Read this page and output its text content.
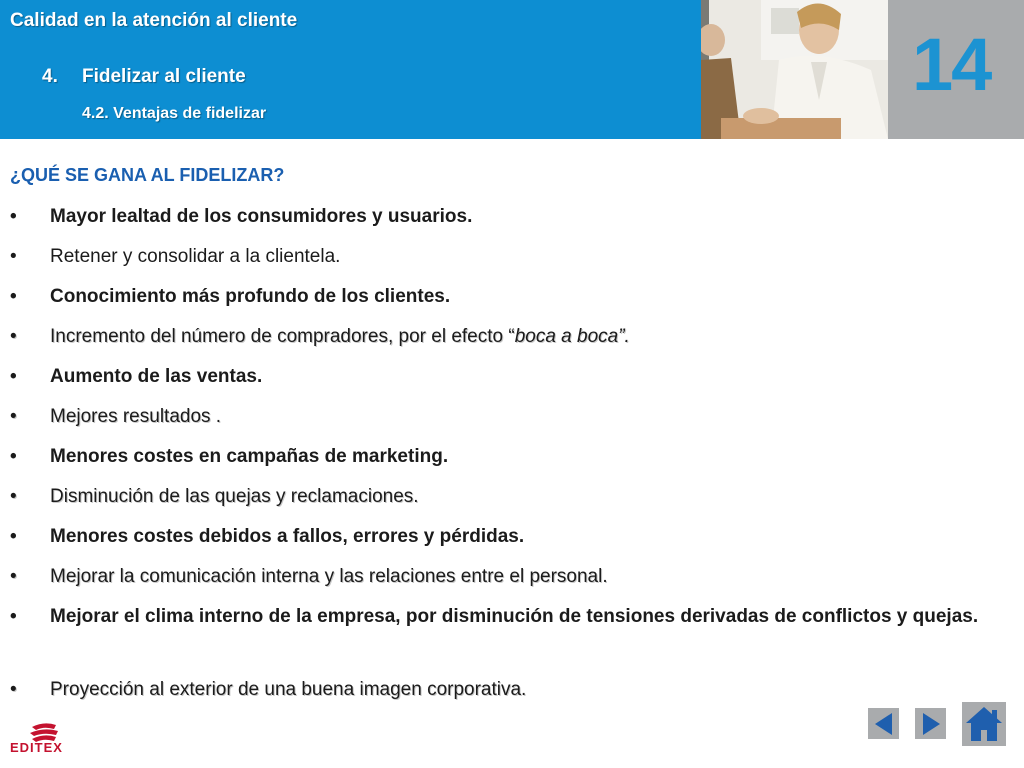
Calidad en la atención al cliente
4. Fidelizar al cliente
4.2. Ventajas de fidelizar
14
¿QUÉ SE GANA AL FIDELIZAR?
• Mayor lealtad de los consumidores y usuarios.
• Retener y consolidar a la clientela.
• Conocimiento más profundo de los clientes.
• Incremento del número de compradores, por el efecto “boca a boca”.
• Aumento de las ventas.
• Mejores resultados .
• Menores costes en campañas de marketing.
• Disminución de las quejas y reclamaciones.
• Menores costes debidos a fallos, errores y pérdidas.
• Mejorar la comunicación interna y las relaciones entre el personal.
• Mejorar el clima interno de la empresa, por disminución de tensiones derivadas de conflictos y quejas.
• Proyección al exterior de una buena imagen corporativa.
EDITEX
